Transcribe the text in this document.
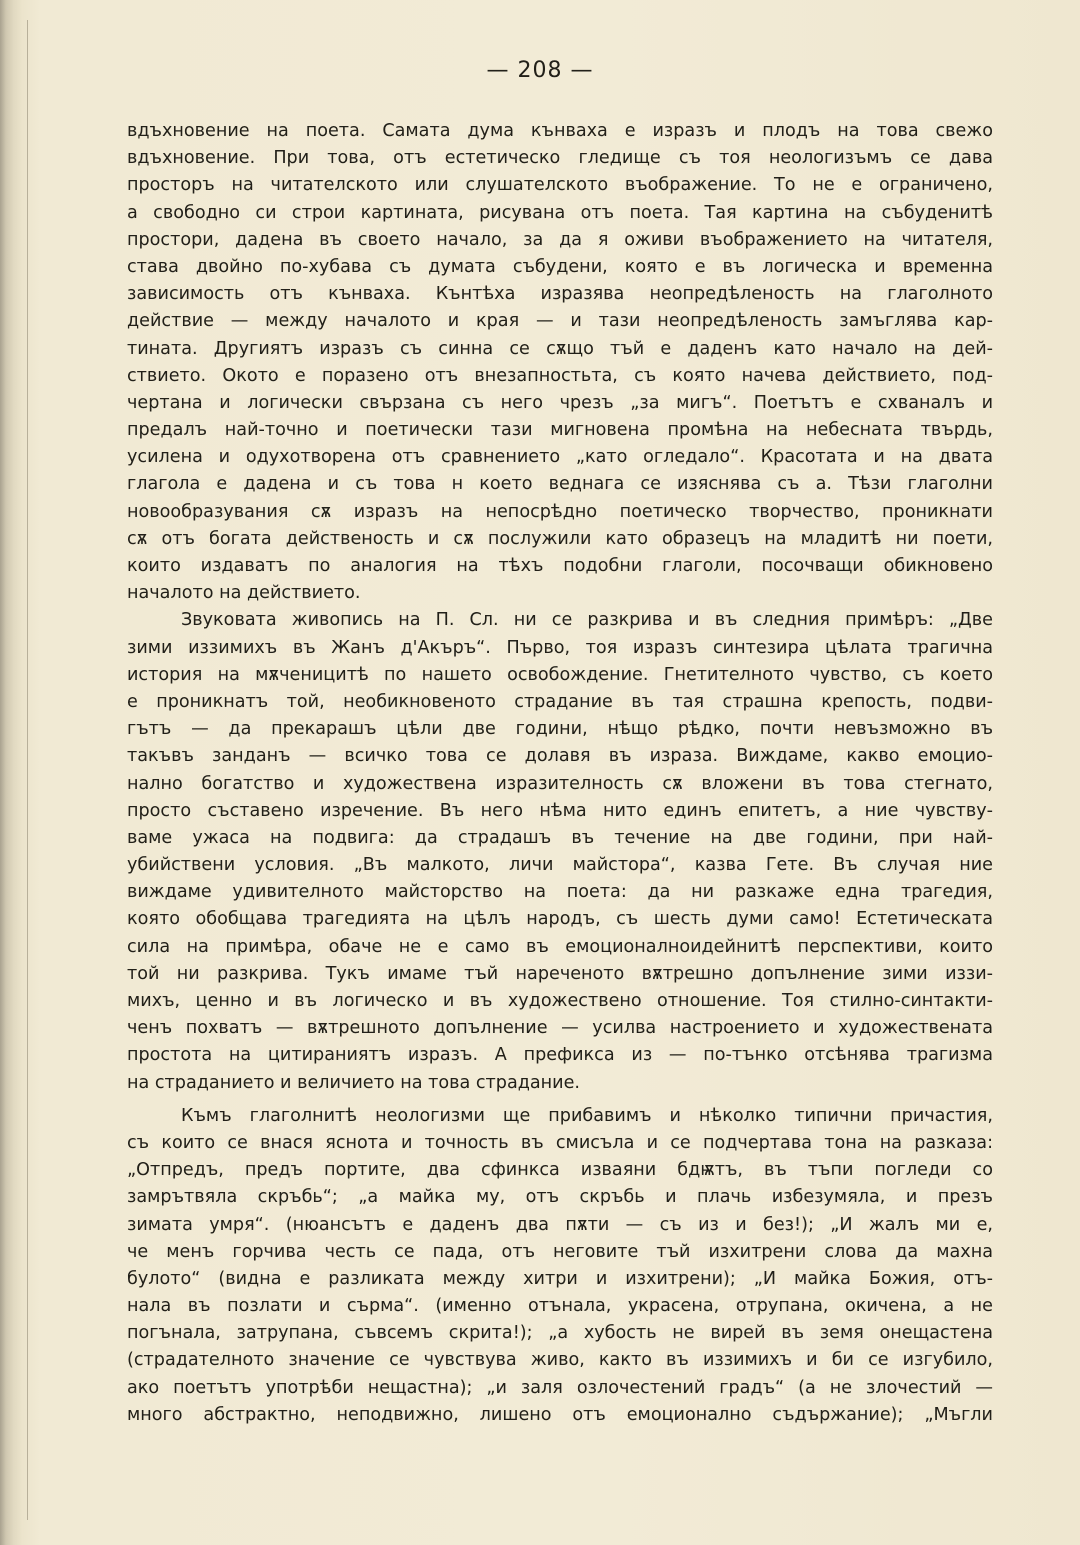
— 208 —
вдъхновение на поета. Самата дума кънваха е изразъ и плодъ на това свежо
вдъхновение. При това, отъ естетическо гледище съ тоя неологизъмъ се дава
просторъ на читателското или слушателското въображение. То не е ограничено,
а свободно си строи картината, рисувана отъ поета. Тая картина на събуденитѣ
простори, дадена въ своето начало, за да я оживи въображението на читателя,
става двойно по-хубава съ думата събудени, която е въ логическа и временна
зависимость отъ кънваха. Кънтѣха изразява неопредѣленость на глаголното
действие — между началото и края — и тази неопредѣленость замъглява кар-
тината. Другиятъ изразъ съ синна се сѫщо тъй е даденъ като начало на дей-
ствието. Окото е поразено отъ внезапностьта, съ която начева действието, под-
чертана и логически свързана съ него чрезъ „за мигъ“. Поетътъ е схваналъ и
предалъ най-точно и поетически тази мигновена промѣна на небесната твърдь,
усилена и одухотворена отъ сравнението „като огледало“. Красотата и на двата
глагола е дадена и съ това н което веднага се изяснява съ а. Тѣзи глаголни
новообразувания сѫ изразъ на непосрѣдно поетическо творчество, проникнати
сѫ отъ богата действеность и сѫ послужили като образецъ на младитѣ ни поети,
които издаватъ по аналогия на тѣхъ подобни глаголи, посочващи обикновено
началото на действието.
Звуковата живопись на П. Сл. ни се разкрива и въ следния примѣръ: „Две
зими иззимихъ въ Жанъ д'Акъръ“. Първо, тоя изразъ синтезира цѣлата трагична
история на мѫченицитѣ по нашето освобождение. Гнетителното чувство, съ което
е проникнатъ той, необикновеното страдание въ тая страшна крепость, подви-
гътъ — да прекарашъ цѣли две години, нѣщо рѣдко, почти невъзможно въ
такъвъ занданъ — всичко това се долавя въ израза. Виждаме, какво емоцио-
нално богатство и художествена изразителность сѫ вложени въ това стегнато,
просто съставено изречение. Въ него нѣма нито единъ епитетъ, а ние чувству-
ваме ужаса на подвига: да страдашъ въ течение на две години, при най-
убийствени условия. „Въ малкото, личи майстора“, казва Гете. Въ случая ние
виждаме удивителното майсторство на поета: да ни разкаже една трагедия,
която обобщава трагедията на цѣлъ народъ, съ шесть думи само! Естетическата
сила на примѣра, обаче не е само въ емоционалноидейнитѣ перспективи, които
той ни разкрива. Тукъ имаме тъй нареченото вѫтрешно допълнение зими иззи-
михъ, ценно и въ логическо и въ художествено отношение. Тоя стилно-синтакти-
ченъ похватъ — вѫтрешното допълнение — усилва настроението и художествената
простота на цитираниятъ изразъ. А префикса из — по-тънко отсѣнява трагизма
на страданието и величието на това страдание.
Къмъ глаголнитѣ неологизми ще прибавимъ и нѣколко типични причастия,
съ които се внася яснота и точность въ смисъла и се подчертава тона на разказа:
„Отпредъ, предъ портите, два сфинкса изваяни бдѭтъ, въ тъпи погледи со
замрътвяла скръбь“; „а майка му, отъ скръбь и плачь избезумяла, и презъ
зимата умря“. (нюансътъ е даденъ два пѫти — съ из и без!); „И жалъ ми е,
че менъ горчива честь се пада, отъ неговите тъй изхитрени слова да махна
булото“ (видна е разликата между хитри и изхитрени); „И майка Божия, отъ-
нала въ позлати и сърма“. (именно отънала, украсена, отрупана, окичена, а не
погънала, затрупана, съвсемъ скрита!); „а хубость не вирей въ земя онещастена
(страдателното значение се чувствува живо, както въ иззимихъ и би се изгубило,
ако поетътъ употрѣби нещастна); „и заля озлочестений градъ“ (а не злочестий —
много абстрактно, неподвижно, лишено отъ емоционално съдържание); „Мъгли
